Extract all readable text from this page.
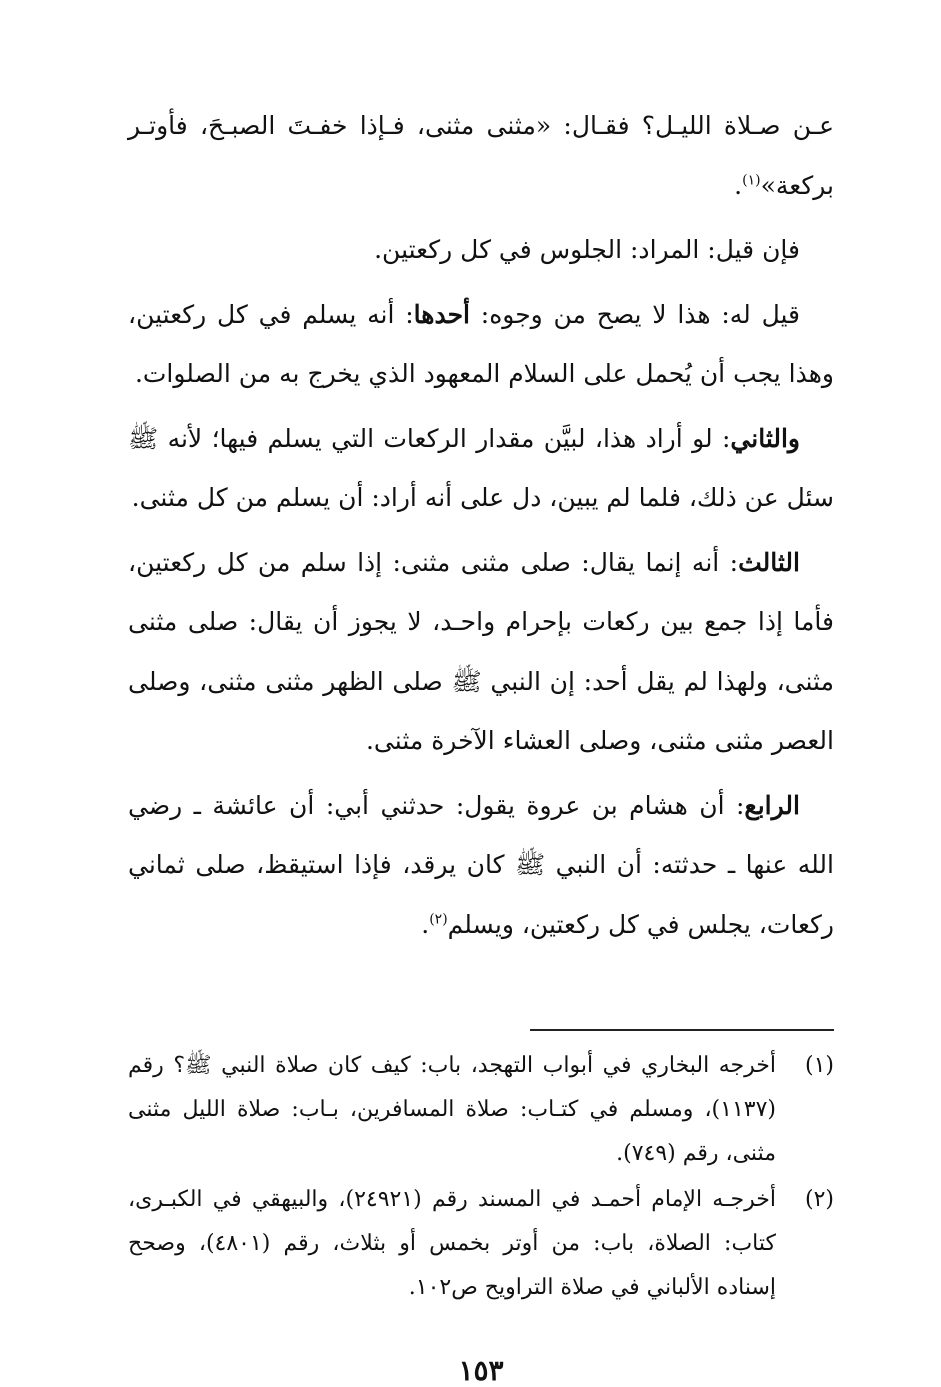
عـن صـلاة الليـل؟ فقـال: «مثنى مثنى، فـإذا خفـتَ الصبـحَ، فأوتـر بركعة»$^{(١)}$.

فإن قيل: المراد: الجلوس في كل ركعتين.

قيل له: هذا لا يصح من وجوه: أحدها: أنه يسلم في كل ركعتين، وهذا يجب أن يُحمل على السلام المعهود الذي يخرج به من الصلوات.

والثاني: لو أراد هذا، لبيَّن مقدار الركعات التي يسلم فيها؛ لأنه ﷺ سئل عن ذلك، فلما لم يبين، دل على أنه أراد: أن يسلم من كل مثنى.

الثالث: أنه إنما يقال: صلى مثنى مثنى: إذا سلم من كل ركعتين، فأما إذا جمع بين ركعات بإحرام واحـد، لا يجوز أن يقال: صلى مثنى مثنى، ولهذا لم يقل أحد: إن النبي ﷺ صلى الظهر مثنى مثنى، وصلى العصر مثنى مثنى، وصلى العشاء الآخرة مثنى.

الرابع: أن هشام بن عروة يقول: حدثني أبي: أن عائشة ـ رضي الله عنها ـ حدثته: أن النبي ﷺ كان يرقد، فإذا استيقظ، صلى ثماني ركعات، يجلس في كل ركعتين، ويسلم$^{(٢)}$.

(١)
أخرجه البخاري في أبواب التهجد، باب: كيف كان صلاة النبي ﷺ؟ رقم (١١٣٧)، ومسلم في كتـاب: صلاة المسافرين، بـاب: صلاة الليل مثنى مثنى، رقم (٧٤٩).
(٢)
أخرجـه الإمام أحمـد في المسند رقم (٢٤٩٢١)، والبيهقي في الكبـرى، كتاب: الصلاة، باب: من أوتر بخمس أو بثلاث، رقم (٤٨٠١)، وصحح إسناده الألباني في صلاة التراويح ص١٠٢.
١٥٣
